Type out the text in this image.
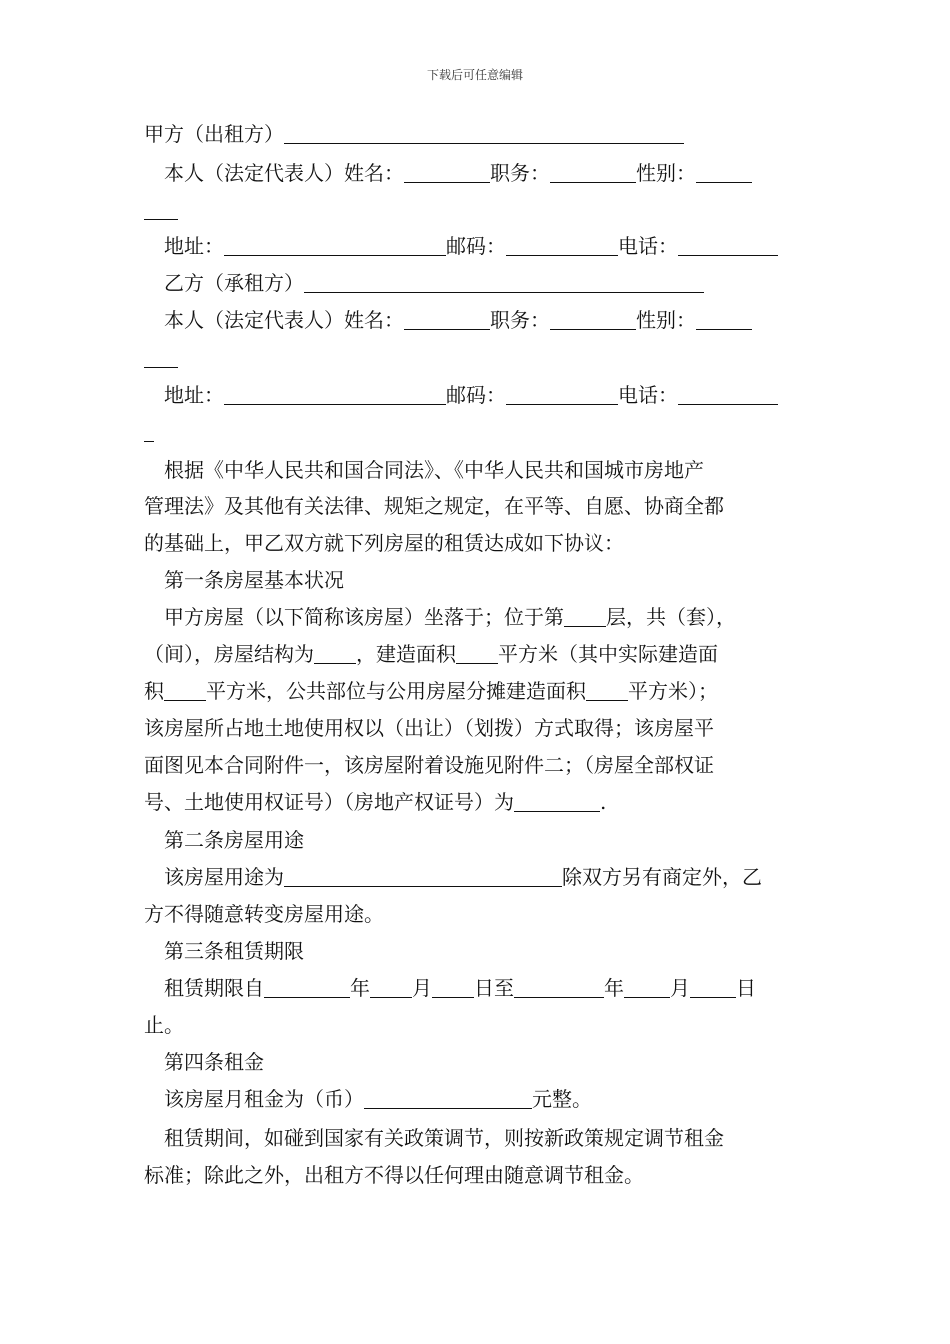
下载后可任意编辑
甲方（出租方）
本人（法定代表人）姓名：	职务：	性别：
地址：	邮码：	电话：
乙方（承租方）
本人（法定代表人）姓名：	职务：	性别：
地址：	邮码：	电话：
根据《中华人民共和国合同法》、《中华人民共和国城市房地产
管理法》及其他有关法律、规矩之规定，在平等、自愿、协商全都
的基础上，甲乙双方就下列房屋的租赁达成如下协议：
第一条房屋基本状况
甲方房屋（以下简称该房屋）坐落于；位于第 层，共（套），
（间），房屋结构为 ，建造面积 平方米（其中实际建造面
积 平方米，公共部位与公用房屋分摊建造面积 平方米）；
该房屋所占地土地使用权以（出让）（划拨）方式取得；该房屋平
面图见本合同附件一，该房屋附着设施见附件二；（房屋全部权证
号、土地使用权证号）（房地产权证号）为	.
第二条房屋用途
该房屋用途为	除双方另有商定外，乙
方不得随意转变房屋用途。
第三条租赁期限
租赁期限自	年 月 日至	年 月 日
止。
第四条租金
该房屋月租金为（币）	元整。
租赁期间，如碰到国家有关政策调节，则按新政策规定调节租金
标准；除此之外，出租方不得以任何理由随意调节租金。
